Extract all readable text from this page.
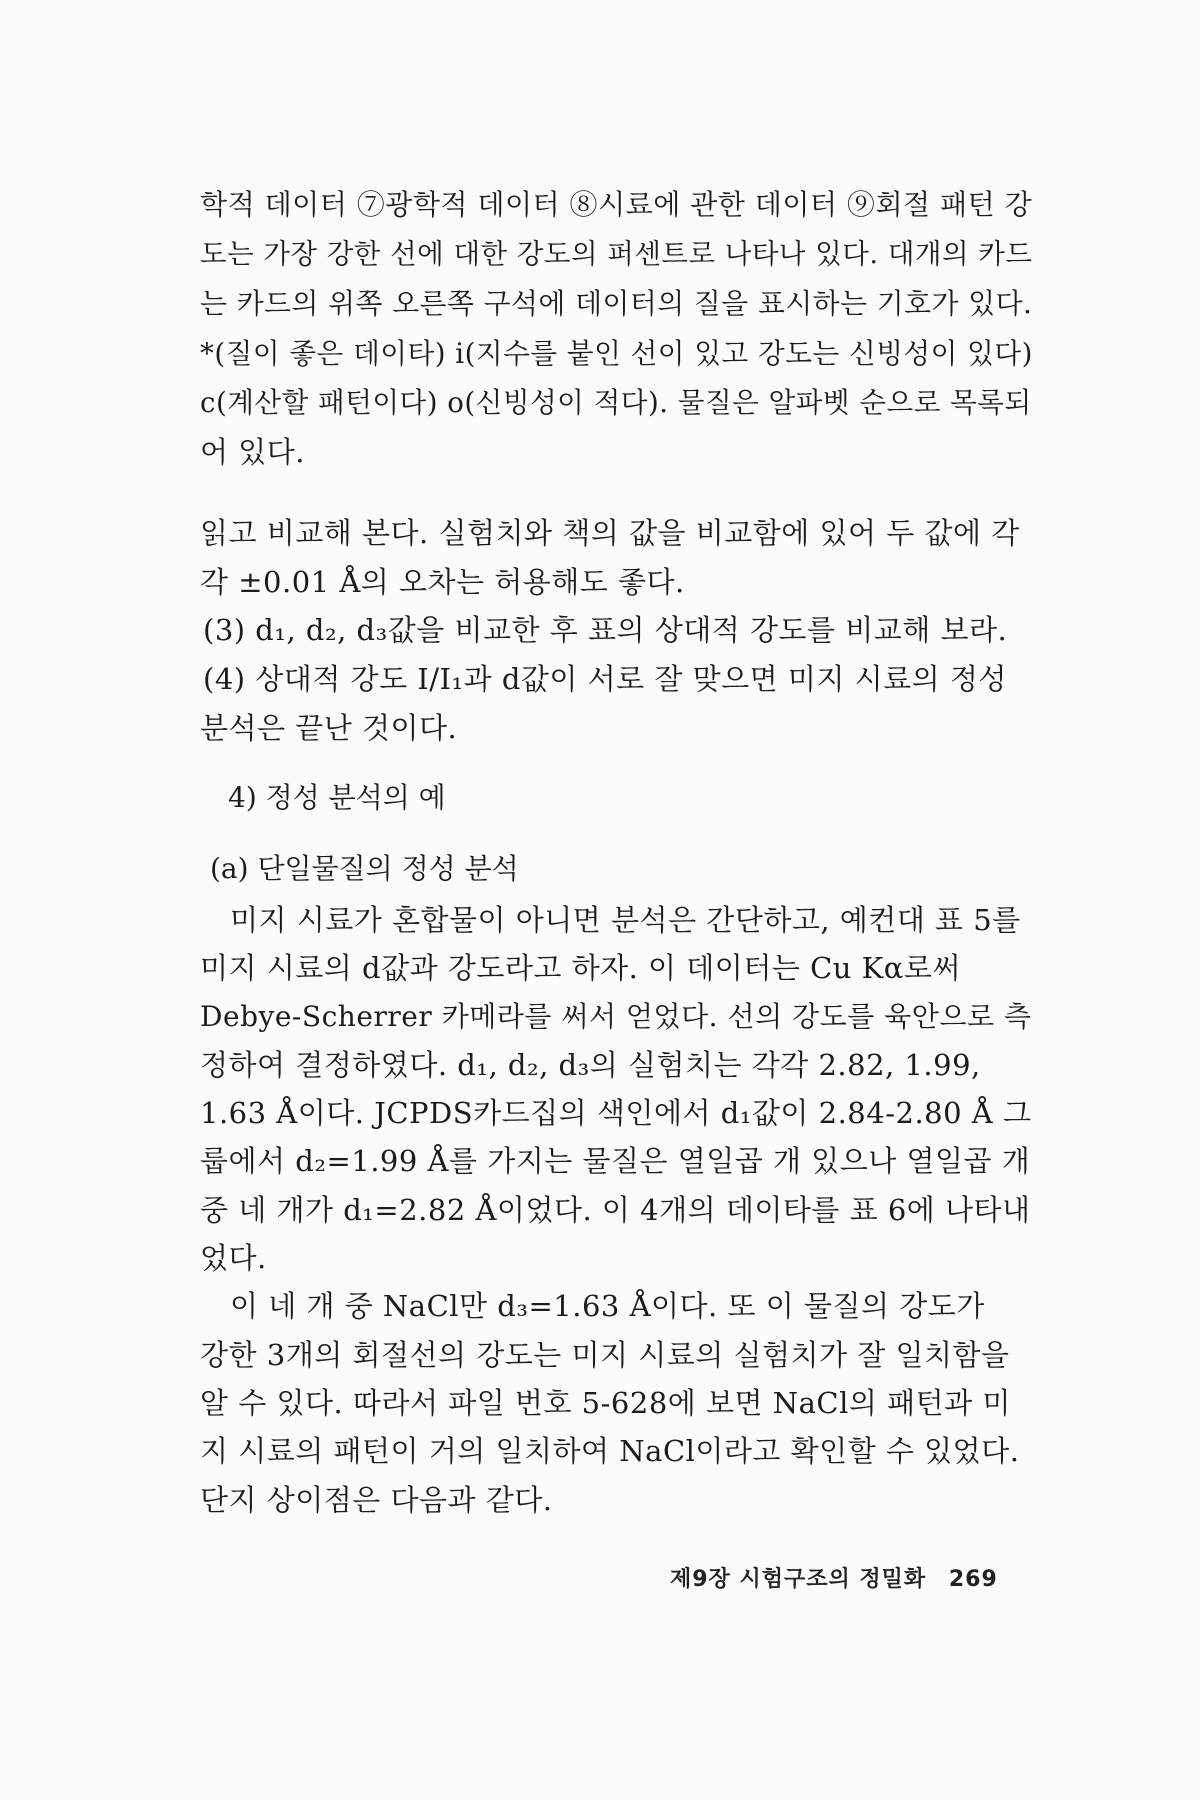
학적 데이터 ⑦광학적 데이터 ⑧시료에 관한 데이터 ⑨회절 패턴 강
도는 가장 강한 선에 대한 강도의 퍼센트로 나타나 있다. 대개의 카드
는 카드의 위쪽 오른쪽 구석에 데이터의 질을 표시하는 기호가 있다.
*(질이 좋은 데이타) i(지수를 붙인 선이 있고 강도는 신빙성이 있다)
c(계산할 패턴이다) o(신빙성이 적다). 물질은 알파벳 순으로 목록되
어 있다.
읽고 비교해 본다. 실험치와 책의 값을 비교함에 있어 두 값에 각
각 ±0.01 Å의 오차는 허용해도 좋다.
(3) d₁, d₂, d₃값을 비교한 후 표의 상대적 강도를 비교해 보라.
(4) 상대적 강도 I/I₁과 d값이 서로 잘 맞으면 미지 시료의 정성
분석은 끝난 것이다.
4) 정성 분석의 예
(a) 단일물질의 정성 분석
미지 시료가 혼합물이 아니면 분석은 간단하고, 예컨대 표 5를
미지 시료의 d값과 강도라고 하자. 이 데이터는 Cu Kα로써
Debye-Scherrer 카메라를 써서 얻었다. 선의 강도를 육안으로 측
정하여 결정하였다. d₁, d₂, d₃의 실험치는 각각 2.82, 1.99,
1.63 Å이다. JCPDS카드집의 색인에서 d₁값이 2.84-2.80 Å 그
룹에서 d₂=1.99 Å를 가지는 물질은 열일곱 개 있으나 열일곱 개
중 네 개가 d₁=2.82 Å이었다. 이 4개의 데이타를 표 6에 나타내
었다.
이 네 개 중 NaCl만 d₃=1.63 Å이다. 또 이 물질의 강도가
강한 3개의 회절선의 강도는 미지 시료의 실험치가 잘 일치함을
알 수 있다. 따라서 파일 번호 5-628에 보면 NaCl의 패턴과 미
지 시료의 패턴이 거의 일치하여 NaCl이라고 확인할 수 있었다.
단지 상이점은 다음과 같다.
제9장 시험구조의 정밀화 269
